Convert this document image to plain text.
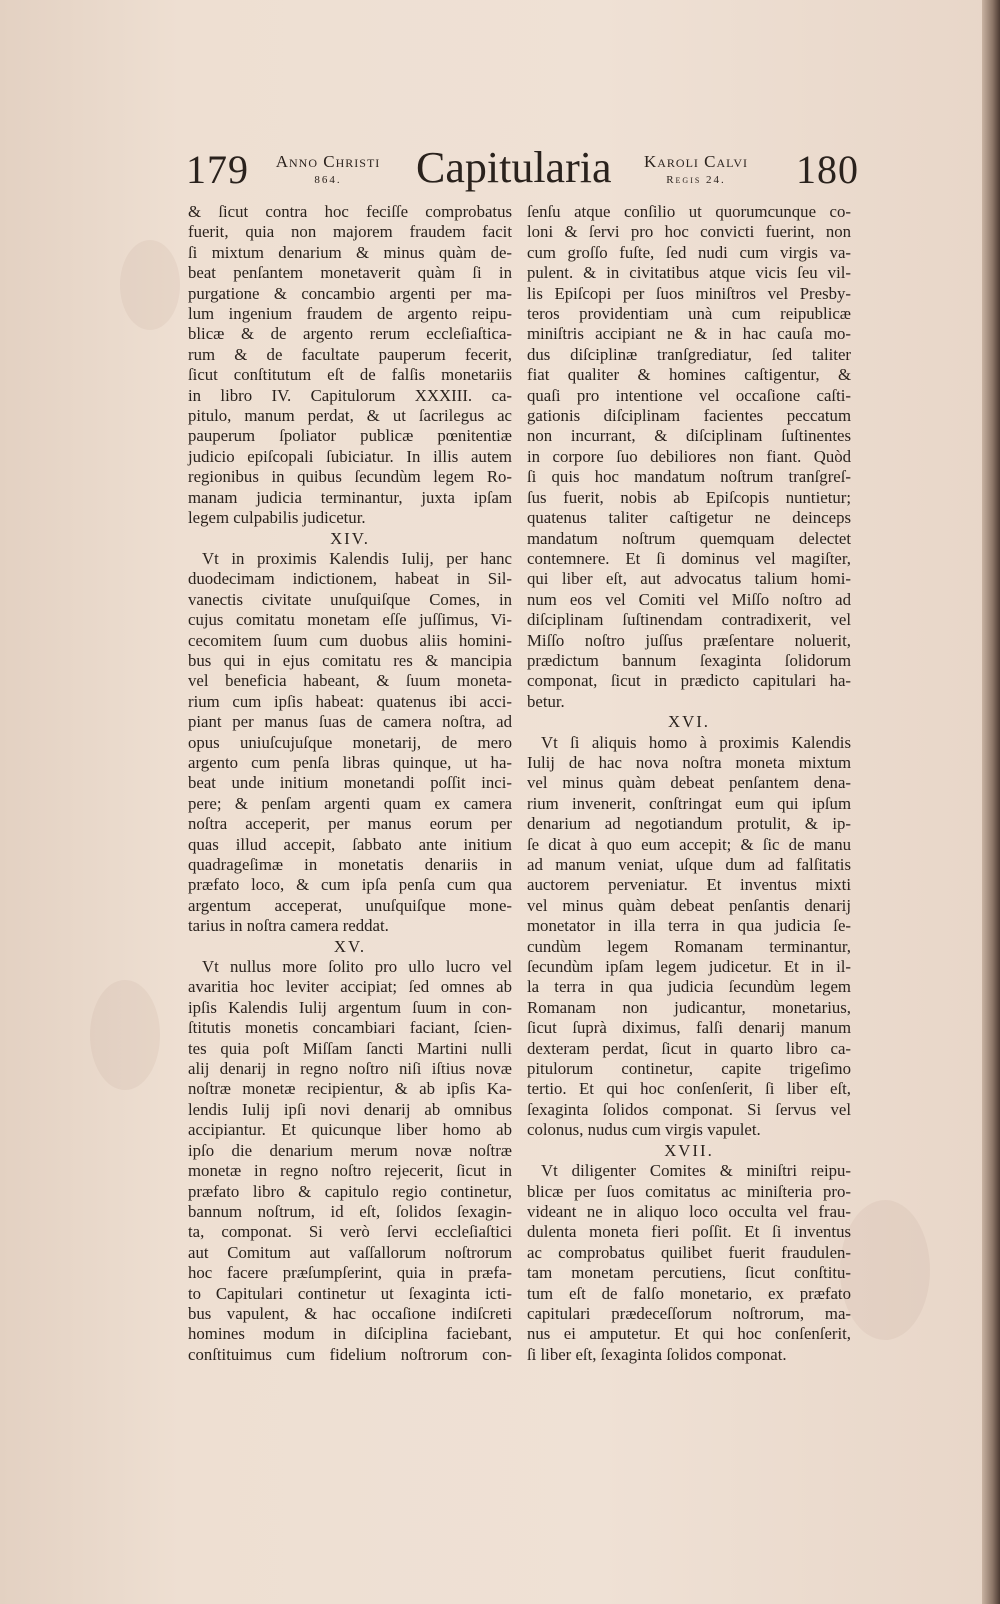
179	Anno Christi
864.	Capitularia	Karoli Calvi
Regis 24.	180
& ſicut contra hoc feciſſe comprobatus
fuerit, quia non majorem fraudem facit
ſi mixtum denarium & minus quàm de-
beat penſantem monetaverit quàm ſi in
purgatione & concambio argenti per ma-
lum ingenium fraudem de argento reipu-
blicæ & de argento rerum eccleſiaſtica-
rum & de facultate pauperum fecerit,
ſicut conſtitutum eſt de falſis monetariis
in libro IV. Capitulorum XXXIII. ca-
pitulo, manum perdat, & ut ſacrilegus ac
pauperum ſpoliator publicæ pœnitentiæ
judicio epiſcopali ſubiciatur. In illis autem
regionibus in quibus ſecundùm legem Ro-
manam judicia terminantur, juxta ipſam
legem culpabilis judicetur.

XIV.

Vt in proximis Kalendis Iulij, per hanc
duodecimam indictionem, habeat in Sil-
vanectis civitate unuſquiſque Comes, in
cujus comitatu monetam eſſe juſſimus, Vi-
cecomitem ſuum cum duobus aliis homini-
bus qui in ejus comitatu res & mancipia
vel beneficia habeant, & ſuum moneta-
rium cum ipſis habeat: quatenus ibi acci-
piant per manus ſuas de camera noſtra, ad
opus uniuſcujuſque monetarij, de mero
argento cum penſa libras quinque, ut ha-
beat unde initium monetandi poſſit inci-
pere; & penſam argenti quam ex camera
noſtra acceperit, per manus eorum per
quas illud accepit, ſabbato ante initium
quadrageſimæ in monetatis denariis in
præfato loco, & cum ipſa penſa cum qua
argentum acceperat, unuſquiſque mone-
tarius in noſtra camera reddat.

XV.

Vt nullus more ſolito pro ullo lucro vel
avaritia hoc leviter accipiat; ſed omnes ab
ipſis Kalendis Iulij argentum ſuum in con-
ſtitutis monetis concambiari faciant, ſcien-
tes quia poſt Miſſam ſancti Martini nulli
alij denarij in regno noſtro niſi iſtius novæ
noſtræ monetæ recipientur, & ab ipſis Ka-
lendis Iulij ipſi novi denarij ab omnibus
accipiantur. Et quicunque liber homo ab
ipſo die denarium merum novæ noſtræ
monetæ in regno noſtro rejecerit, ſicut in
præfato libro & capitulo regio continetur,
bannum noſtrum, id eſt, ſolidos ſexagin-
ta, componat. Si verò ſervi eccleſiaſtici
aut Comitum aut vaſſallorum noſtrorum
hoc facere præſumpſerint, quia in præfa-
to Capitulari continetur ut ſexaginta icti-
bus vapulent, & hac occaſione indiſcreti
homines modum in diſciplina faciebant,
conſtituimus cum fidelium noſtrorum con-
ſenſu atque conſilio ut quorumcunque co-
loni & ſervi pro hoc convicti fuerint, non
cum groſſo fuſte, ſed nudi cum virgis va-
pulent. & in civitatibus atque vicis ſeu vil-
lis Epiſcopi per ſuos miniſtros vel Presby-
teros providentiam unà cum reipublicæ
miniſtris accipiant ne & in hac cauſa mo-
dus diſciplinæ tranſgrediatur, ſed taliter
fiat qualiter & homines caſtigentur, &
quaſi pro intentione vel occaſione caſti-
gationis diſciplinam facientes peccatum
non incurrant, & diſciplinam ſuſtinentes
in corpore ſuo debiliores non fiant. Quòd
ſi quis hoc mandatum noſtrum tranſgreſ-
ſus fuerit, nobis ab Epiſcopis nuntietur;
quatenus taliter caſtigetur ne deinceps
mandatum noſtrum quemquam delectet
contemnere. Et ſi dominus vel magiſter,
qui liber eſt, aut advocatus talium homi-
num eos vel Comiti vel Miſſo noſtro ad
diſciplinam ſuſtinendam contradixerit, vel
Miſſo noſtro juſſus præſentare noluerit,
prædictum bannum ſexaginta ſolidorum
componat, ſicut in prædicto capitulari ha-
betur.

XVI.

Vt ſi aliquis homo à proximis Kalendis
Iulij de hac nova noſtra moneta mixtum
vel minus quàm debeat penſantem dena-
rium invenerit, conſtringat eum qui ipſum
denarium ad negotiandum protulit, & ip-
ſe dicat à quo eum accepit; & ſic de manu
ad manum veniat, uſque dum ad falſitatis
auctorem perveniatur. Et inventus mixti
vel minus quàm debeat penſantis denarij
monetator in illa terra in qua judicia ſe-
cundùm legem Romanam terminantur,
ſecundùm ipſam legem judicetur. Et in il-
la terra in qua judicia ſecundùm legem
Romanam non judicantur, monetarius,
ſicut ſuprà diximus, falſi denarij manum
dexteram perdat, ſicut in quarto libro ca-
pitulorum continetur, capite trigeſimo
tertio. Et qui hoc conſenſerit, ſi liber eſt,
ſexaginta ſolidos componat. Si ſervus vel
colonus, nudus cum virgis vapulet.

XVII.

Vt diligenter Comites & miniſtri reipu-
blicæ per ſuos comitatus ac miniſteria pro-
videant ne in aliquo loco occulta vel frau-
dulenta moneta fieri poſſit. Et ſi inventus
ac comprobatus quilibet fuerit fraudulen-
tam monetam percutiens, ſicut conſtitu-
tum eſt de falſo monetario, ex præfato
capitulari prædeceſſorum noſtrorum, ma-
nus ei amputetur. Et qui hoc conſenſerit,
ſi liber eſt, ſexaginta ſolidos componat.
